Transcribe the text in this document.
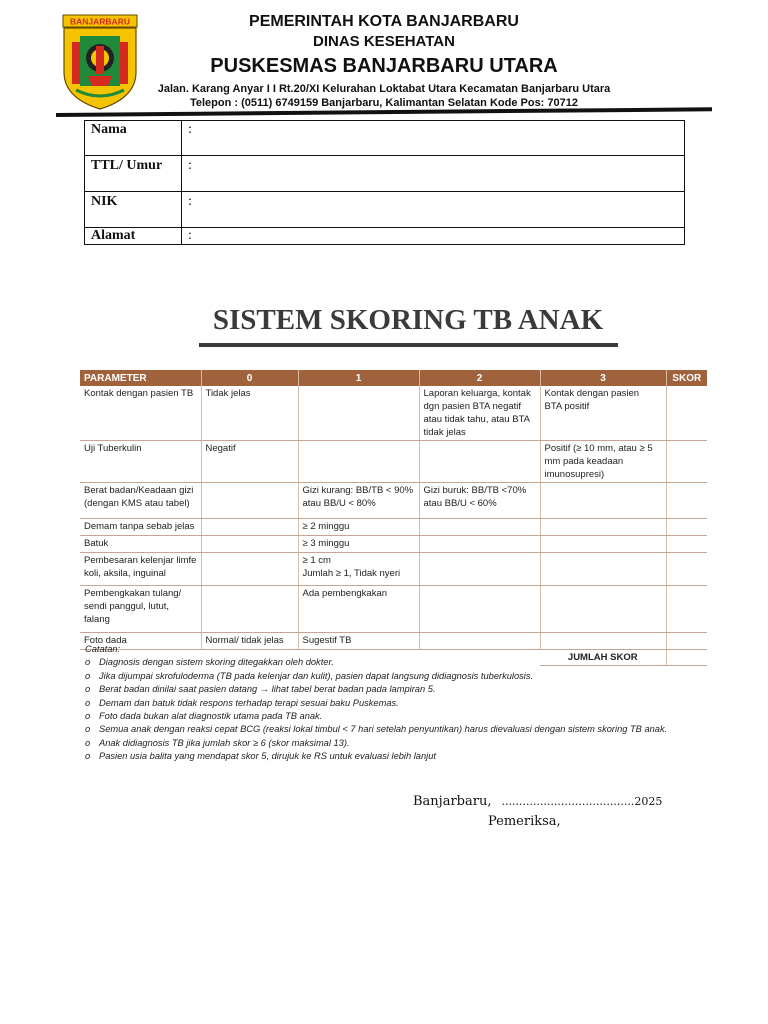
BANJARBARU	PEMERINTAH KOTA BANJARBARU
DINAS KESEHATAN
PUSKESMAS BANJARBARU UTARA
Jalan. Karang Anyar I I Rt.20/XI Kelurahan Loktabat Utara Kecamatan Banjarbaru Utara
Telepon : (0511) 6749159 Banjarbaru, Kalimantan Selatan Kode Pos: 70712
Nama	:
TTL/ Umur	:
NIK	:
Alamat	:
SISTEM SKORING TB ANAK
PARAMETER	0	1	2	3	SKOR
Kontak dengan pasien TB	Tidak jelas		Laporan keluarga, kontak dgn pasien BTA negatif atau tidak tahu, atau BTA tidak jelas	Kontak dengan pasien
BTA positif	
Uji Tuberkulin	Negatif			Positif (≥ 10 mm, atau ≥ 5 mm pada keadaan imunosupresi)	
Berat badan/Keadaan gizi (dengan KMS atau tabel)		Gizi kurang: BB/TB < 90% atau BB/U < 80%	Gizi buruk: BB/TB <70% atau BB/U < 60%		
Demam tanpa sebab jelas		≥ 2 minggu			
Batuk		≥ 3 minggu			
Pembesaran kelenjar limfe koli, aksila, inguinal		≥ 1 cm
Jumlah ≥ 1, Tidak nyeri			
Pembengkakan tulang/ sendi panggul, lutut, falang		Ada pembengkakan			
Foto dada	Normal/ tidak jelas	Sugestif TB			
				JUMLAH SKOR	
Catatan:
o Diagnosis dengan sistem skoring ditegakkan oleh dokter.
o Jika dijumpai skrofuloderma (TB pada kelenjar dan kulit), pasien dapat langsung didiagnosis tuberkulosis.
o Berat badan dinilai saat pasien datang → lihat tabel berat badan pada lampiran 5.
o Demam dan batuk tidak respons terhadap terapi sesuai baku Puskemas.
o Foto dada bukan alat diagnostik utama pada TB anak.
o Semua anak dengan reaksi cepat BCG (reaksi lokal timbul < 7 hari setelah penyuntikan) harus dievaluasi dengan sistem skoring TB anak.
o Anak didiagnosis TB jika jumlah skor ≥ 6 (skor maksimal 13).
o Pasien usia balita yang mendapat skor 5, dirujuk ke RS untuk evaluasi lebih lanjut
Banjarbaru, ......................................2025
Pemeriksa,
